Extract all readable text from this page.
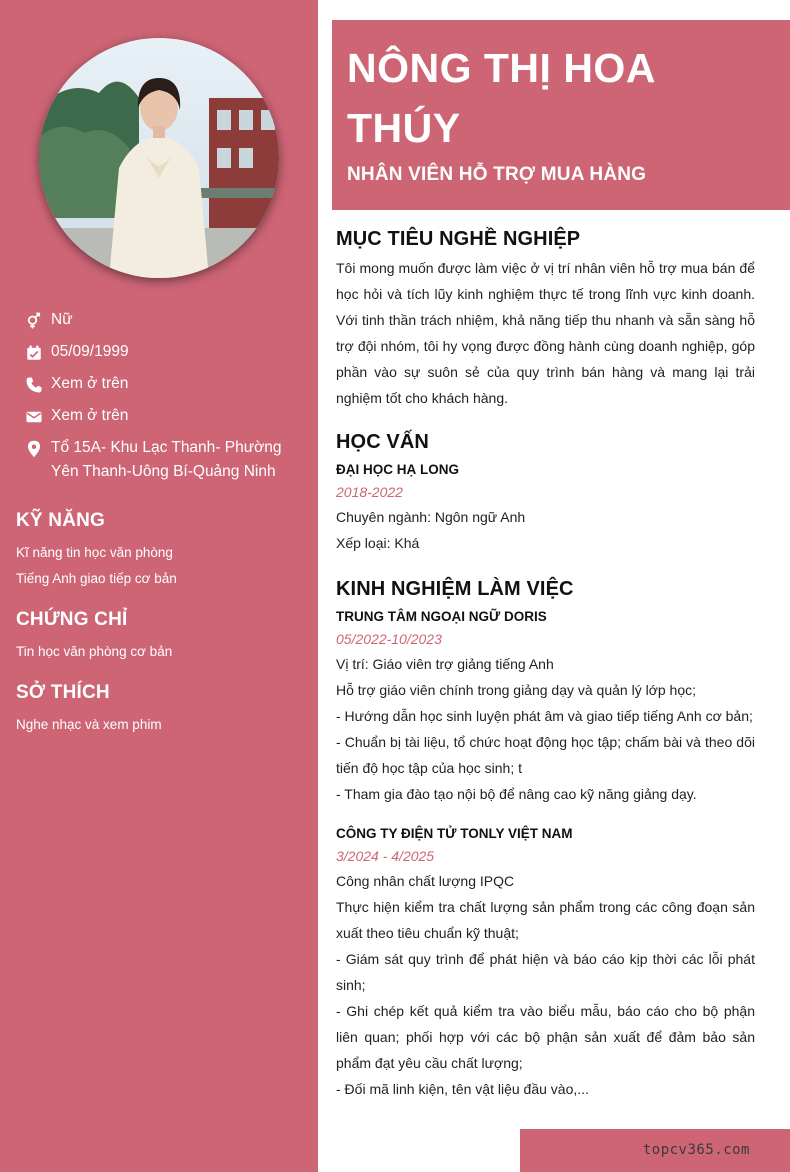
Nữ
05/09/1999
Xem ở trên
Xem ở trên
Tổ 15A- Khu Lạc Thanh- Phường Yên Thanh-Uông Bí-Quảng Ninh
KỸ NĂNG
Kĩ năng tin học văn phòng
Tiếng Anh giao tiếp cơ bản
CHỨNG CHỈ
Tin học văn phòng cơ bản
SỞ THÍCH
Nghe nhạc và xem phim
NÔNG THỊ HOA THÚY
NHÂN VIÊN HỖ TRỢ MUA HÀNG
MỤC TIÊU NGHỀ NGHIỆP
Tôi mong muốn được làm việc ở vị trí nhân viên hỗ trợ mua bán để học hỏi và tích lũy kinh nghiệm thực tế trong lĩnh vực kinh doanh. Với tinh thần trách nhiệm, khả năng tiếp thu nhanh và sẵn sàng hỗ trợ đội nhóm, tôi hy vọng được đồng hành cùng doanh nghiệp, góp phần vào sự suôn sẻ của quy trình bán hàng và mang lại trải nghiệm tốt cho khách hàng.
HỌC VẤN
ĐẠI HỌC HẠ LONG
2018-2022
Chuyên ngành: Ngôn ngữ Anh
Xếp loại: Khá
KINH NGHIỆM LÀM VIỆC
TRUNG TÂM NGOẠI NGỮ DORIS
05/2022-10/2023
Vị trí: Giáo viên trợ giảng tiếng Anh
Hỗ trợ giáo viên chính trong giảng dạy và quản lý lớp học;
- Hướng dẫn học sinh luyện phát âm và giao tiếp tiếng Anh cơ bản;
- Chuẩn bị tài liệu, tổ chức hoạt động học tập; chấm bài và theo dõi tiến độ học tập của học sinh; t
- Tham gia đào tạo nội bộ để nâng cao kỹ năng giảng dạy.
CÔNG TY ĐIỆN TỬ TONLY VIỆT NAM
3/2024 - 4/2025
Công nhân chất lượng IPQC
Thực hiện kiểm tra chất lượng sản phẩm trong các công đoạn sản xuất theo tiêu chuẩn kỹ thuật;
- Giám sát quy trình để phát hiện và báo cáo kịp thời các lỗi phát sinh;
- Ghi chép kết quả kiểm tra vào biểu mẫu, báo cáo cho bộ phận liên quan; phối hợp với các bộ phận sản xuất để đảm bảo sản phẩm đạt yêu cầu chất lượng;
- Đối mã linh kiện, tên vật liệu đầu vào,...
topcv365.com
